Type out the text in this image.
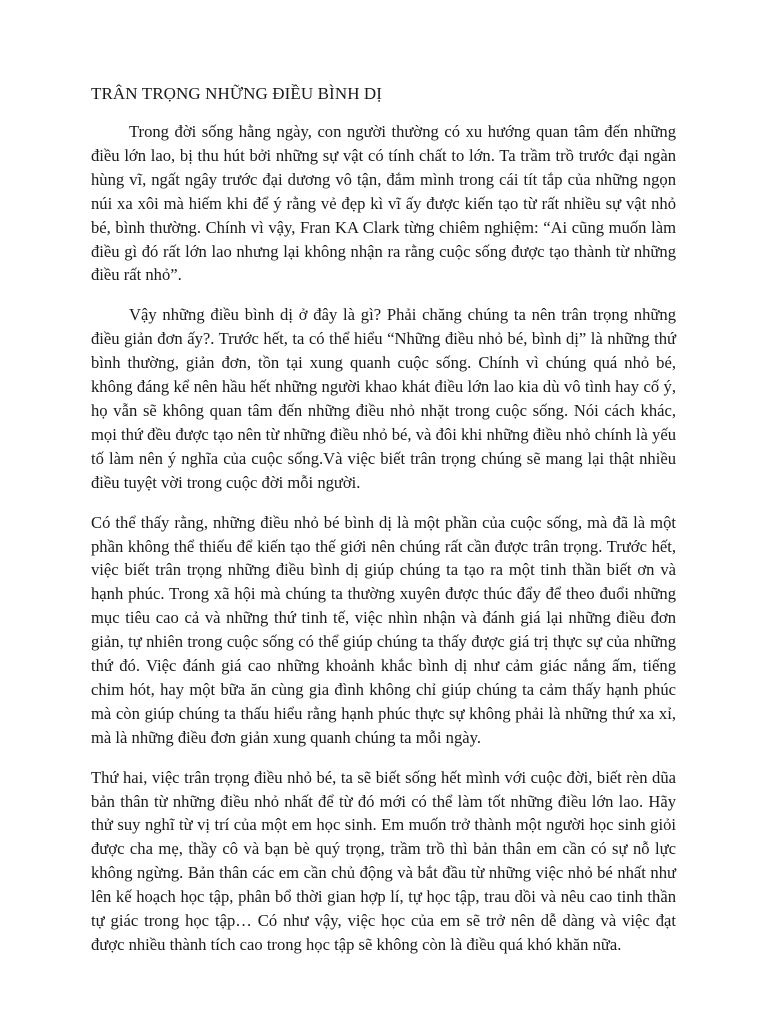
TRÂN TRỌNG NHỮNG ĐIỀU BÌNH DỊ

Trong đời sống hằng ngày, con người thường có xu hướng quan tâm đến những điều lớn lao, bị thu hút bởi những sự vật có tính chất to lớn. Ta trầm trồ trước đại ngàn hùng vĩ, ngất ngây trước đại dương vô tận, đắm mình trong cái tít tắp của những ngọn núi xa xôi mà hiếm khi để ý rằng vẻ đẹp kì vĩ ấy được kiến tạo từ rất nhiều sự vật nhỏ bé, bình thường. Chính vì vậy, Fran KA Clark từng chiêm nghiệm: “Ai cũng muốn làm điều gì đó rất lớn lao nhưng lại không nhận ra rằng cuộc sống được tạo thành từ những điều rất nhỏ”.

Vậy những điều bình dị ở đây là gì? Phải chăng chúng ta nên trân trọng những điều giản đơn ấy?. Trước hết, ta có thể hiểu “Những điều nhỏ bé, bình dị” là những thứ bình thường, giản đơn, tồn tại xung quanh cuộc sống. Chính vì chúng quá nhỏ bé, không đáng kể nên hầu hết những người khao khát điều lớn lao kia dù vô tình hay cố ý, họ vẫn sẽ không quan tâm đến những điều nhỏ nhặt trong cuộc sống. Nói cách khác, mọi thứ đều được tạo nên từ những điều nhỏ bé, và đôi khi những điều nhỏ chính là yếu tố làm nên ý nghĩa của cuộc sống.Và việc biết trân trọng chúng sẽ mang lại thật nhiều điều tuyệt vời trong cuộc đời mỗi người.

Có thể thấy rằng, những điều nhỏ bé bình dị là một phần của cuộc sống, mà đã là một phần không thể thiếu để kiến tạo thế giới nên chúng rất cần được trân trọng. Trước hết, việc biết trân trọng những điều bình dị giúp chúng ta tạo ra một tinh thần biết ơn và hạnh phúc. Trong xã hội mà chúng ta thường xuyên được thúc đẩy để theo đuổi những mục tiêu cao cả và những thứ tinh tế, việc nhìn nhận và đánh giá lại những điều đơn giản, tự nhiên trong cuộc sống có thể giúp chúng ta thấy được giá trị thực sự của những thứ đó. Việc đánh giá cao những khoảnh khắc bình dị như cảm giác nắng ấm, tiếng chim hót, hay một bữa ăn cùng gia đình không chỉ giúp chúng ta cảm thấy hạnh phúc mà còn giúp chúng ta thấu hiểu rằng hạnh phúc thực sự không phải là những thứ xa xỉ, mà là những điều đơn giản xung quanh chúng ta mỗi ngày.

Thứ hai, việc trân trọng điều nhỏ bé, ta sẽ biết sống hết mình với cuộc đời, biết rèn dũa bản thân từ những điều nhỏ nhất để từ đó mới có thể làm tốt những điều lớn lao. Hãy thử suy nghĩ từ vị trí của một em học sinh. Em muốn trở thành một người học sinh giỏi được cha mẹ, thầy cô và bạn bè quý trọng, trầm trồ thì bản thân em cần có sự nỗ lực không ngừng. Bản thân các em cần chủ động và bắt đầu từ những việc nhỏ bé nhất như lên kế hoạch học tập, phân bổ thời gian hợp lí, tự học tập, trau dồi và nêu cao tinh thần tự giác trong học tập… Có như vậy, việc học của em sẽ trở nên dễ dàng và việc đạt được nhiều thành tích cao trong học tập sẽ không còn là điều quá khó khăn nữa.
